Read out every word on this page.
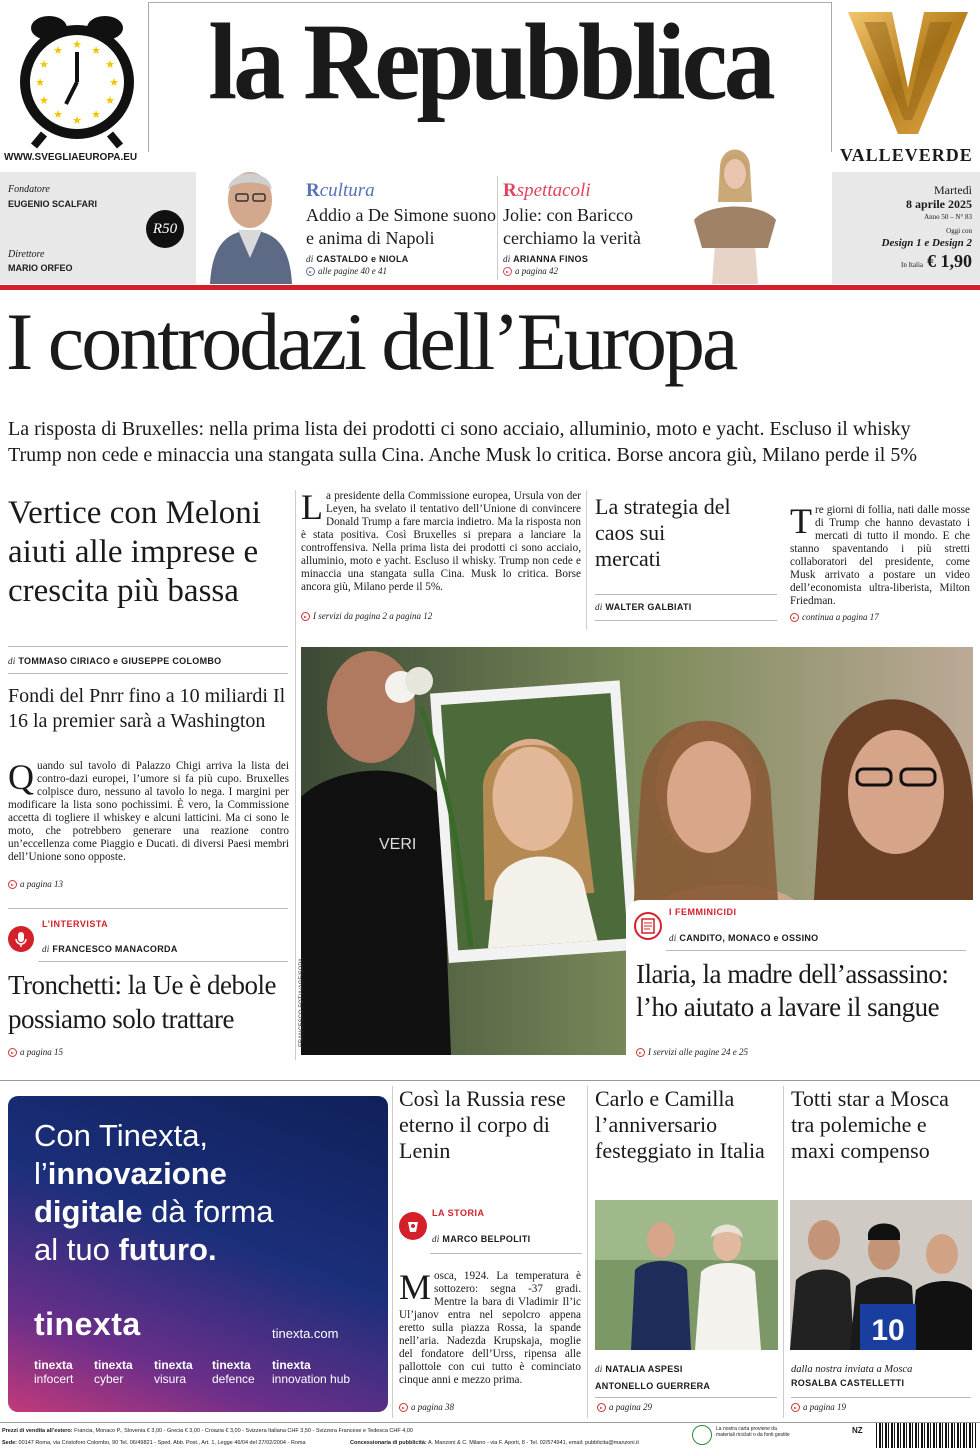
★ ★
★
★
★
★
★
★
★
★
★
★
WWW.SVEGLIAEUROPA.EU
la Repubblica
VALLEVERDE
Fondatore
EUGENIO SCALFARI
Direttore
MARIO ORFEO
R50
Rcultura
Addio a De Simone suono e anima di Napoli
di CASTALDO e NIOLA
alle pagine 40 e 41
Rspettacoli
Jolie: con Baricco cerchiamo la verità
di ARIANNA FINOS
a pagina 42
Martedì
8 aprile 2025
Anno 50 – N° 83
Oggi con
Design 1 e Design 2
In Italia € 1,90
I controdazi dell’Europa
La risposta di Bruxelles: nella prima lista dei prodotti ci sono acciaio, alluminio, moto e yacht. Escluso il whisky
Trump non cede e minaccia una stangata sulla Cina. Anche Musk lo critica. Borse ancora giù, Milano perde il 5%
Vertice con Meloni aiuti alle imprese e crescita più bassa
di TOMMASO CIRIACO e GIUSEPPE COLOMBO
Fondi del Pnrr fino a 10 miliardi Il 16 la premier sarà a Washington
Quando sul tavolo di Palazzo Chigi arriva la lista dei contro-dazi europei, l’umore si fa più cupo. Bruxelles colpisce duro, nessuno al tavolo lo nega. I margini per modificare la lista sono pochissimi. È vero, la Commissione accetta di togliere il whiskey e alcuni latticini. Ma ci sono le moto, che potrebbero generare una reazione contro un’eccellenza come Piaggio e Ducati. di diversi Paesi membri dell’Unione sono opposte.
a pagina 13
L’INTERVISTA
di FRANCESCO MANACORDA
Tronchetti: la Ue è debole possiamo solo trattare
a pagina 15
La presidente della Commissione europea, Ursula von der Leyen, ha svelato il tentativo dell’Unione di convincere Donald Trump a fare marcia indietro. Ma la risposta non è stata positiva. Così Bruxelles si prepara a lanciare la controffensiva. Nella prima lista dei prodotti ci sono acciaio, alluminio, moto e yacht. Escluso il whisky. Trump non cede e minaccia una stangata sulla Cina. Musk lo critica. Borse ancora giù, Milano perde il 5%.
I servizi da pagina 2 a pagina 12
La strategia del caos sui mercati
di WALTER GALBIATI
Tre giorni di follia, nati dalle mosse di Trump che hanno devastato i mercati di tutto il mondo. E che stanno spaventando i più stretti collaboratori del presidente, come Musk arrivato a postare un video dell’economista ultra-liberista, Milton Friedman.
continua a pagina 17
VERI
FRANCESCO FOTIA/AGF/SOPA
I FEMMINICIDI
di CANDITO, MONACO e OSSINO
Ilaria, la madre dell’assassino: l’ho aiutato a lavare il sangue
I servizi alle pagine 24 e 25
Con Tinexta,
l’innovazione
digitale dà forma
al tuo futuro.
tinexta	tinexta.com
tinexta
infocert
tinexta
cyber
tinexta
visura
tinexta
defence
tinexta
innovation hub
Così la Russia rese eterno il corpo di Lenin
LA STORIA
di MARCO BELPOLITI
Mosca, 1924. La temperatura è sottozero: segna -37 gradi. Mentre la bara di Vladimir Il’ic Ul’janov entra nel sepolcro appena eretto sulla piazza Rossa, la spande nell’aria. Nadezda Krupskaja, moglie del fondatore dell’Urss, ripensa alle pallottole con cui tutto è cominciato cinque anni e mezzo prima.
a pagina 38
Carlo e Camilla l’anniversario festeggiato in Italia
di NATALIA ASPESI
ANTONELLO GUERRERA
a pagina 29
Totti star a Mosca tra polemiche e maxi compenso
10
dalla nostra inviata a Mosca
ROSALBA CASTELLETTI
a pagina 19
Prezzi di vendita all’estero: Francia, Monaco P., Slovenia € 3,00 - Grecia € 3,00 - Croazia € 3,00 - Svizzera Italiana CHF 3,50 - Svizzera Francese e Tedesca CHF 4,00
Sede: 00147 Roma, via Cristoforo Colombo, 90 Tel. 06/49821 - Sped. Abb. Post., Art. 1, Legge 46/04 del 27/02/2004 - Roma	Concessionaria di pubblicità: A. Manzoni & C. Milano - via F. Aporti, 8 - Tel. 02/574941, email: pubblicita@manzoni.it
La nostra carta proviene da materiali riciclati o da fonti gestite	NZ
